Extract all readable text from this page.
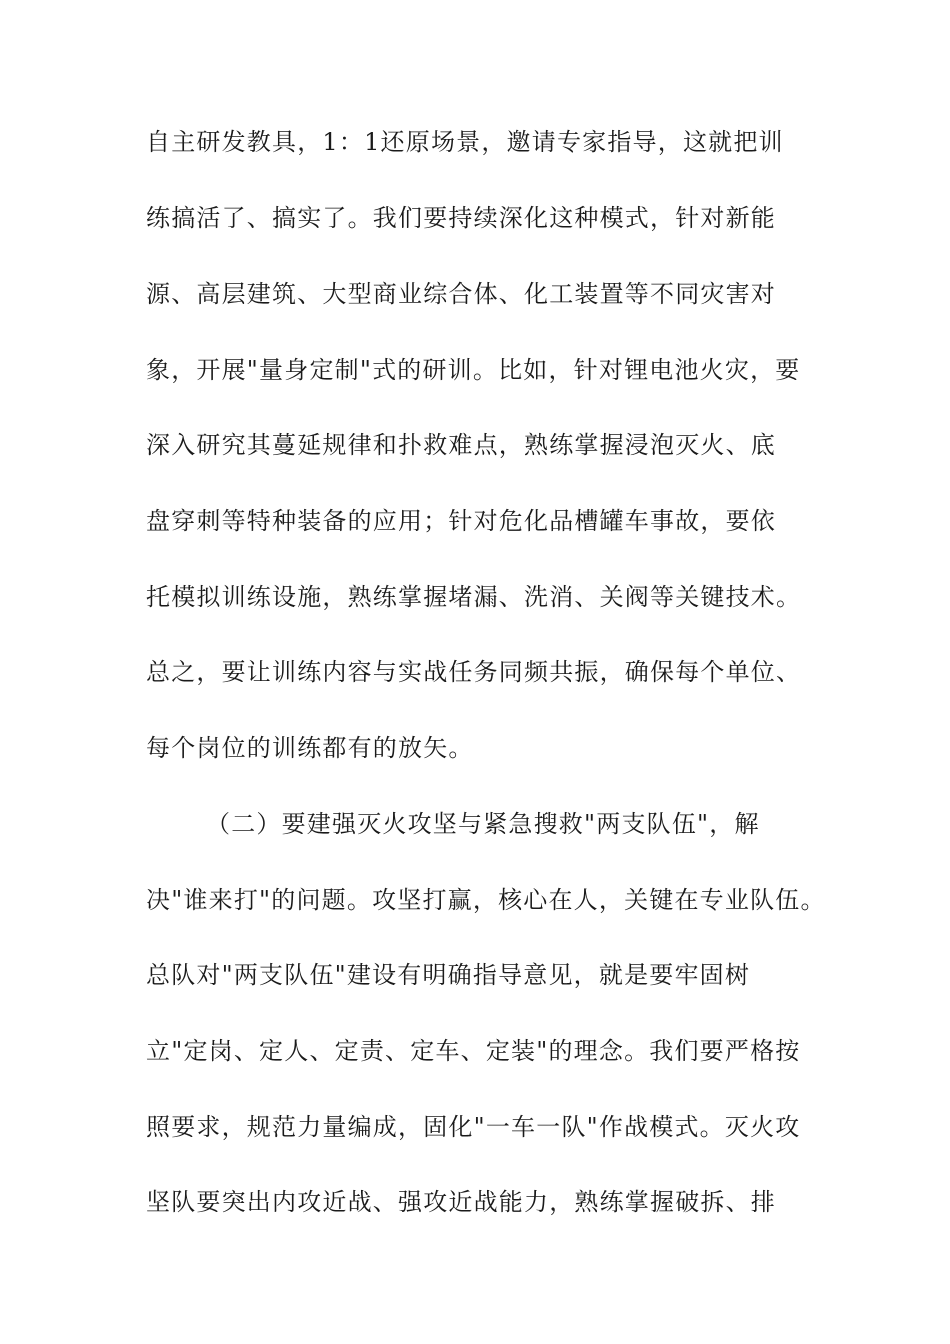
自主研发教具，1：1还原场景，邀请专家指导，这就把训

练搞活了、搞实了。我们要持续深化这种模式，针对新能

源、高层建筑、大型商业综合体、化工装置等不同灾害对

象，开展"量身定制"式的研训。比如，针对锂电池火灾，要

深入研究其蔓延规律和扑救难点，熟练掌握浸泡灭火、底

盘穿刺等特种装备的应用；针对危化品槽罐车事故，要依

托模拟训练设施，熟练掌握堵漏、洗消、关阀等关键技术。

总之，要让训练内容与实战任务同频共振，确保每个单位、

每个岗位的训练都有的放矢。

（二）要建强灭火攻坚与紧急搜救"两支队伍"，解

决"谁来打"的问题。攻坚打赢，核心在人，关键在专业队伍。

总队对"两支队伍"建设有明确指导意见，就是要牢固树

立"定岗、定人、定责、定车、定装"的理念。我们要严格按

照要求，规范力量编成，固化"一车一队"作战模式。灭火攻

坚队要突出内攻近战、强攻近战能力，熟练掌握破拆、排
